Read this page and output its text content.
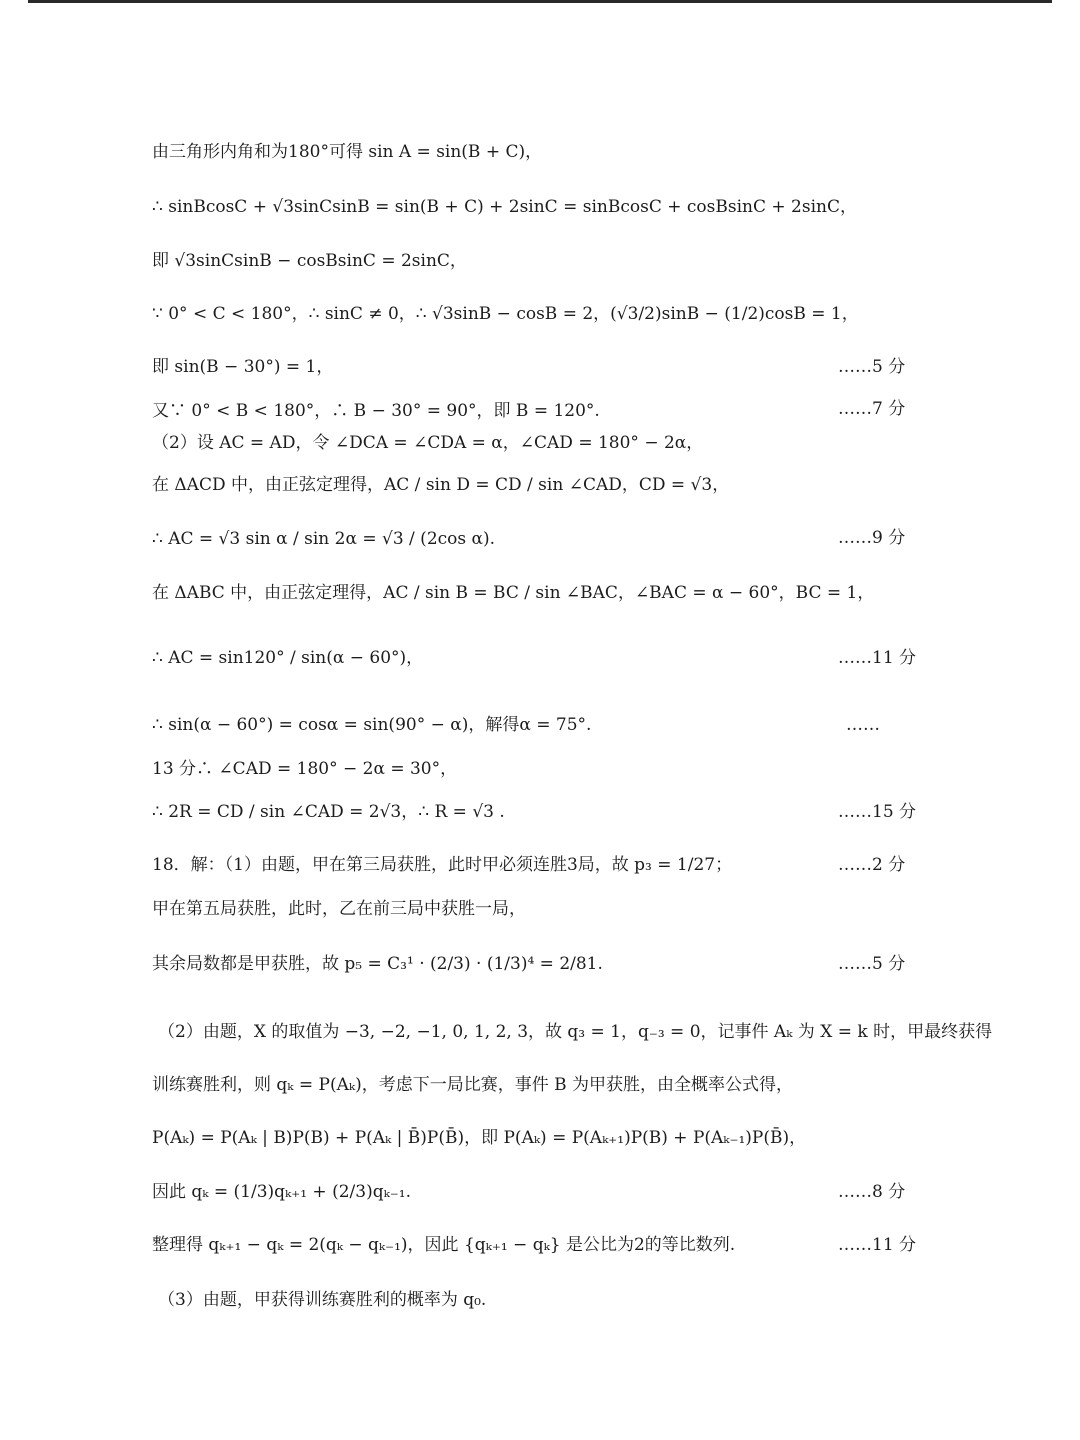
由三角形内角和为180°可得 sin A = sin(B + C)，
∴ sinBcosC + √3sinCsinB = sin(B + C) + 2sinC = sinBcosC + cosBsinC + 2sinC，
即 √3sinCsinB − cosBsinC = 2sinC，
∵ 0° < C < 180°，∴ sinC ≠ 0，∴ √3sinB − cosB = 2，(√3/2)sinB − (1/2)cosB = 1，
即 sin(B − 30°) = 1，
又∵ 0° < B < 180°，∴ B − 30° = 90°，即 B = 120°.
（2）设 AC = AD，令 ∠DCA = ∠CDA = α，∠CAD = 180° − 2α，
在 ΔACD 中，由正弦定理得，AC / sin D = CD / sin ∠CAD，CD = √3，
∴ AC = √3 sin α / sin 2α = √3 / (2cos α).
在 ΔABC 中，由正弦定理得，AC / sin B = BC / sin ∠BAC，∠BAC = α − 60°，BC = 1，
∴ AC = sin120° / sin(α − 60°)，
∴ sin(α − 60°) = cosα = sin(90° − α)，解得α = 75°.
13 分∴ ∠CAD = 180° − 2α = 30°，
∴ 2R = CD / sin ∠CAD = 2√3，∴ R = √3 .
18．解：（1）由题，甲在第三局获胜，此时甲必须连胜3局，故 p₃ = 1/27；
甲在第五局获胜，此时，乙在前三局中获胜一局，
其余局数都是甲获胜，故 p₅ = C₃¹ · (2/3) · (1/3)⁴ = 2/81.
（2）由题，X 的取值为 −3, −2, −1, 0, 1, 2, 3，故 q₃ = 1，q₋₃ = 0，记事件 Aₖ 为 X = k 时，甲最终获得
训练赛胜利，则 qₖ = P(Aₖ)，考虑下一局比赛，事件 B 为甲获胜，由全概率公式得，
P(Aₖ) = P(Aₖ | B)P(B) + P(Aₖ | B̄)P(B̄)，即 P(Aₖ) = P(Aₖ₊₁)P(B) + P(Aₖ₋₁)P(B̄)，
因此 qₖ = (1/3)qₖ₊₁ + (2/3)qₖ₋₁.
整理得 qₖ₊₁ − qₖ = 2(qₖ − qₖ₋₁)，因此 {qₖ₊₁ − qₖ} 是公比为2的等比数列.
（3）由题，甲获得训练赛胜利的概率为 q₀.
……5 分
……7 分
……9 分
……11 分
……
……15 分
……2 分
……5 分
……8 分
……11 分
